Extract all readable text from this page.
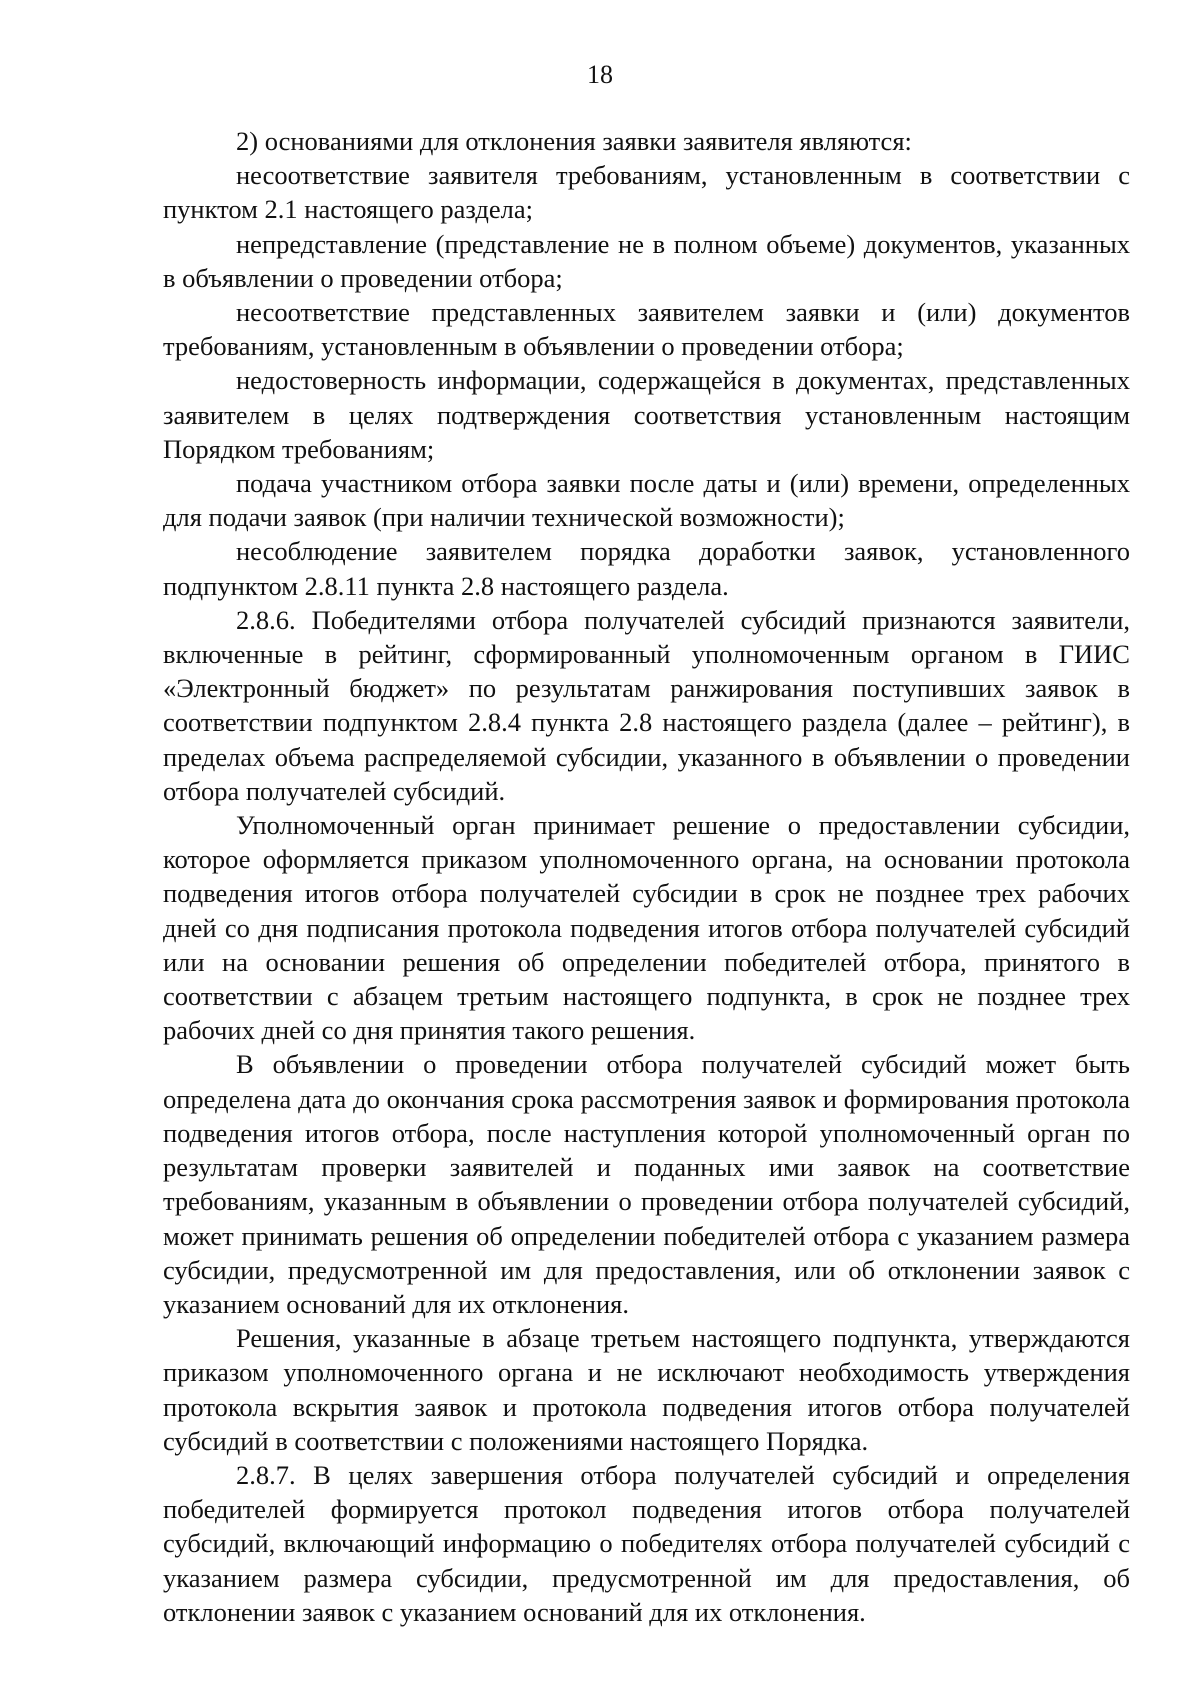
18

2) основаниями для отклонения заявки заявителя являются:

несоответствие заявителя требованиям, установленным в соответствии с пунктом 2.1 настоящего раздела;

непредставление (представление не в полном объеме) документов, указанных в объявлении о проведении отбора;

несоответствие представленных заявителем заявки и (или) документов требованиям, установленным в объявлении о проведении отбора;

недостоверность информации, содержащейся в документах, представленных заявителем в целях подтверждения соответствия установленным настоящим Порядком требованиям;

подача участником отбора заявки после даты и (или) времени, определенных для подачи заявок (при наличии технической возможности);

несоблюдение заявителем порядка доработки заявок, установленного подпунктом 2.8.11 пункта 2.8 настоящего раздела.

2.8.6. Победителями отбора получателей субсидий признаются заявители, включенные в рейтинг, сформированный уполномоченным органом в ГИИС «Электронный бюджет» по результатам ранжирования поступивших заявок в соответствии подпунктом 2.8.4 пункта 2.8 настоящего раздела (далее – рейтинг), в пределах объема распределяемой субсидии, указанного в объявлении о проведении отбора получателей субсидий.

Уполномоченный орган принимает решение о предоставлении субсидии, которое оформляется приказом уполномоченного органа, на основании протокола подведения итогов отбора получателей субсидии в срок не позднее трех рабочих дней со дня подписания протокола подведения итогов отбора получателей субсидий или на основании решения об определении победителей отбора, принятого в соответствии с абзацем третьим настоящего подпункта, в срок не позднее трех рабочих дней со дня принятия такого решения.

В объявлении о проведении отбора получателей субсидий может быть определена дата до окончания срока рассмотрения заявок и формирования протокола подведения итогов отбора, после наступления которой уполномоченный орган по результатам проверки заявителей и поданных ими заявок на соответствие требованиям, указанным в объявлении о проведении отбора получателей субсидий, может принимать решения об определении победителей отбора с указанием размера субсидии, предусмотренной им для предоставления, или об отклонении заявок с указанием оснований для их отклонения.

Решения, указанные в абзаце третьем настоящего подпункта, утверждаются приказом уполномоченного органа и не исключают необходимость утверждения протокола вскрытия заявок и протокола подведения итогов отбора получателей субсидий в соответствии с положениями настоящего Порядка.

2.8.7. В целях завершения отбора получателей субсидий и определения победителей формируется протокол подведения итогов отбора получателей субсидий, включающий информацию о победителях отбора получателей субсидий с указанием размера субсидии, предусмотренной им для предоставления, об отклонении заявок с указанием оснований для их отклонения.
